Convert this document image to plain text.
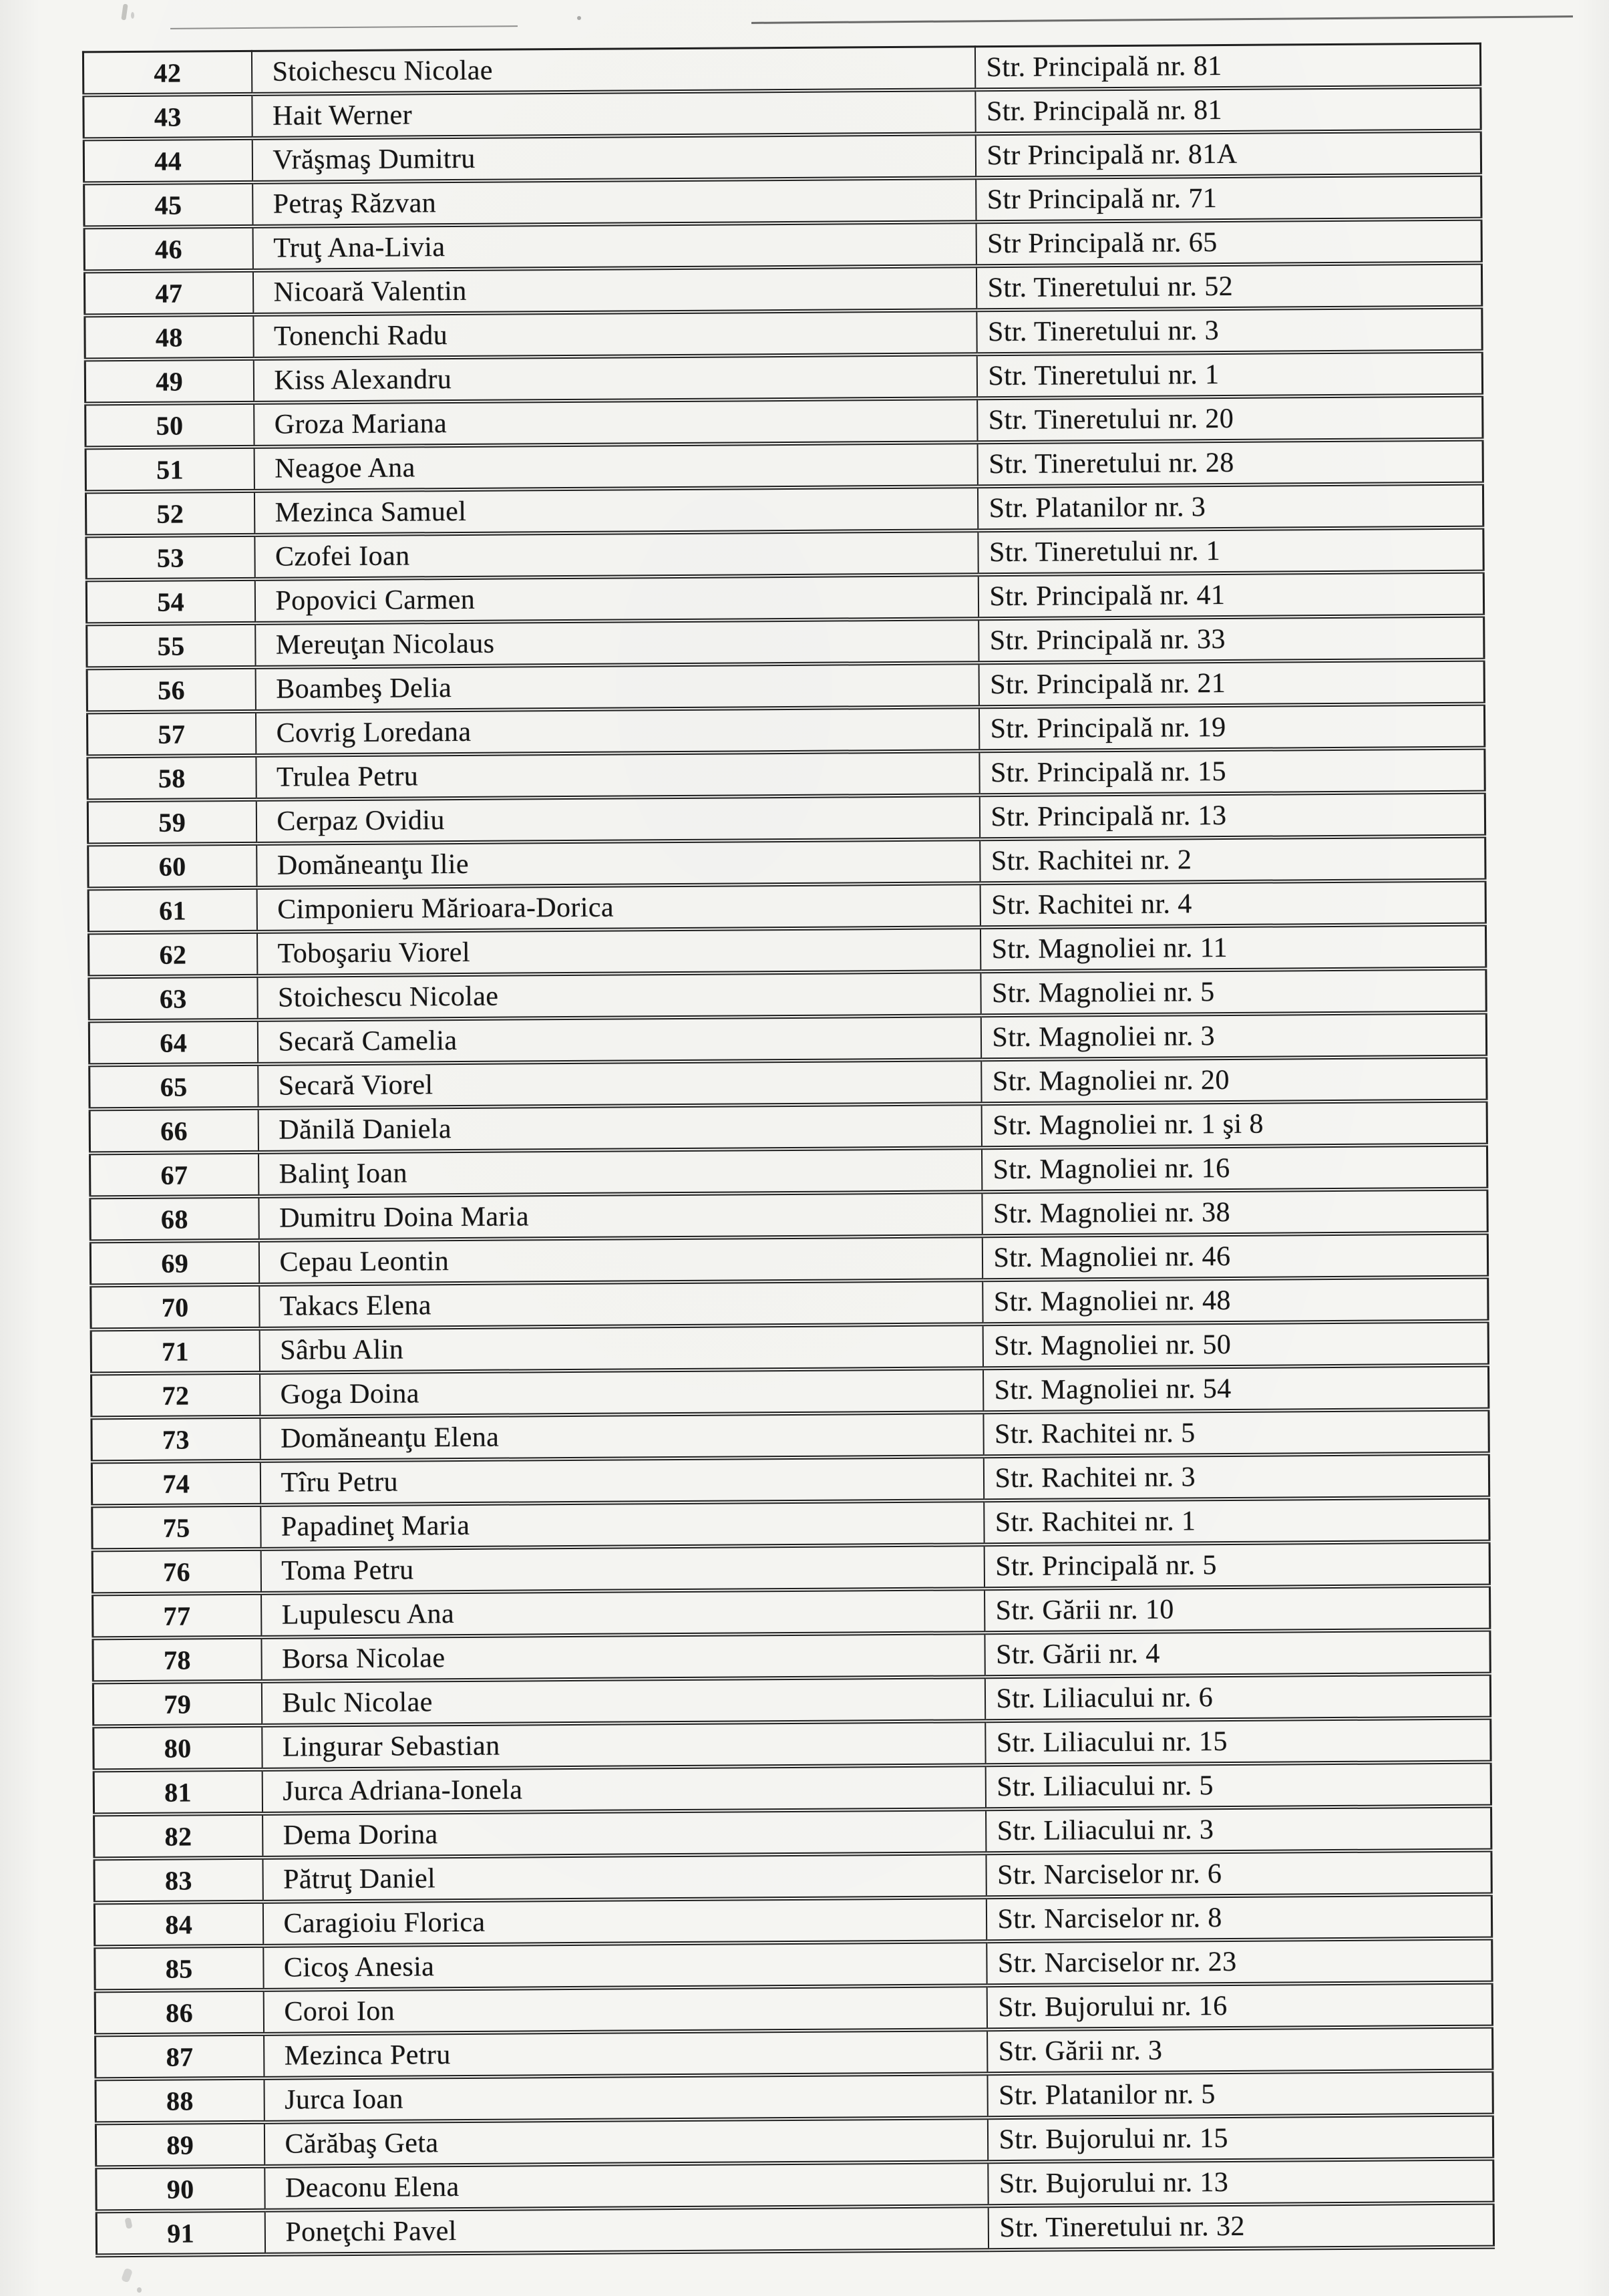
42	Stoichescu Nicolae	Str. Principală nr. 81
43	Hait Werner	Str. Principală nr. 81
44	Vrăşmaş Dumitru	Str Principală nr. 81A
45	Petraş Răzvan	Str Principală nr. 71
46	Truţ Ana-Livia	Str Principală nr. 65
47	Nicoară Valentin	Str. Tineretului nr. 52
48	Tonenchi Radu	Str. Tineretului nr. 3
49	Kiss Alexandru	Str. Tineretului nr. 1
50	Groza Mariana	Str. Tineretului nr. 20
51	Neagoe Ana	Str. Tineretului nr. 28
52	Mezinca Samuel	Str. Platanilor nr. 3
53	Czofei Ioan	Str. Tineretului nr. 1
54	Popovici Carmen	Str. Principală nr. 41
55	Mereuţan Nicolaus	Str. Principală nr. 33
56	Boambeş Delia	Str. Principală nr. 21
57	Covrig Loredana	Str. Principală nr. 19
58	Trulea Petru	Str. Principală nr. 15
59	Cerpaz Ovidiu	Str. Principală nr. 13
60	Domăneanţu Ilie	Str. Rachitei nr. 2
61	Cimponieru Mărioara-Dorica	Str. Rachitei nr. 4
62	Toboşariu Viorel	Str. Magnoliei nr. 11
63	Stoichescu Nicolae	Str. Magnoliei nr. 5
64	Secară Camelia	Str. Magnoliei nr. 3
65	Secară Viorel	Str. Magnoliei nr. 20
66	Dănilă Daniela	Str. Magnoliei nr. 1 şi 8
67	Balinţ Ioan	Str. Magnoliei nr. 16
68	Dumitru Doina Maria	Str. Magnoliei nr. 38
69	Cepau Leontin	Str. Magnoliei nr. 46
70	Takacs Elena	Str. Magnoliei nr. 48
71	Sârbu Alin	Str. Magnoliei nr. 50
72	Goga Doina	Str. Magnoliei nr. 54
73	Domăneanţu Elena	Str. Rachitei nr. 5
74	Tîru Petru	Str. Rachitei nr. 3
75	Papadineţ Maria	Str. Rachitei nr. 1
76	Toma Petru	Str. Principală nr. 5
77	Lupulescu Ana	Str. Gării nr. 10
78	Borsa Nicolae	Str. Gării nr. 4
79	Bulc Nicolae	Str. Liliacului nr. 6
80	Lingurar Sebastian	Str. Liliacului nr. 15
81	Jurca Adriana-Ionela	Str. Liliacului nr. 5
82	Dema Dorina	Str. Liliacului nr. 3
83	Pătruţ Daniel	Str. Narciselor nr. 6
84	Caragioiu Florica	Str. Narciselor nr. 8
85	Cicoş Anesia	Str. Narciselor nr. 23
86	Coroi Ion	Str. Bujorului nr. 16
87	Mezinca Petru	Str. Gării nr. 3
88	Jurca Ioan	Str. Platanilor nr. 5
89	Cărăbaş Geta	Str. Bujorului nr. 15
90	Deaconu Elena	Str. Bujorului nr. 13
91	Poneţchi Pavel	Str. Tineretului nr. 32
